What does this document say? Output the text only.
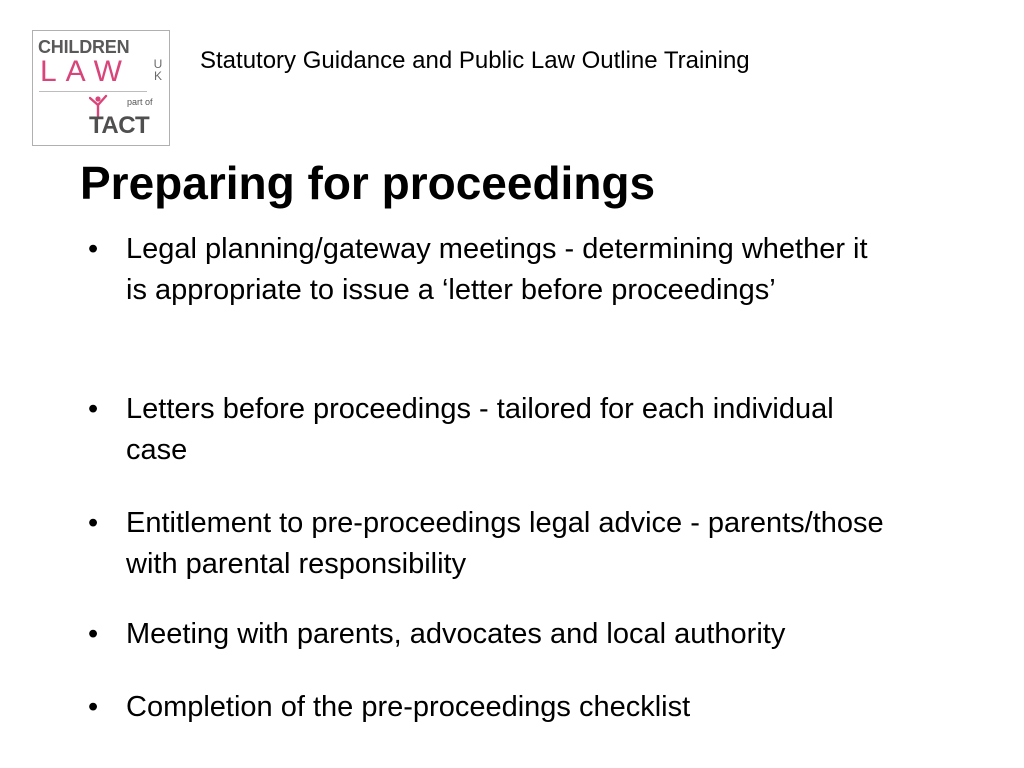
CHILDREN
LAW UK
part of
TACT
Statutory Guidance and Public Law Outline Training
Preparing for proceedings
• Legal planning/gateway meetings - determining whether it is appropriate to issue a ‘letter before proceedings’
• Letters before proceedings - tailored for each individual case
• Entitlement to pre-proceedings legal advice - parents/those with parental responsibility
• Meeting with parents, advocates and local authority
• Completion of the pre-proceedings checklist
